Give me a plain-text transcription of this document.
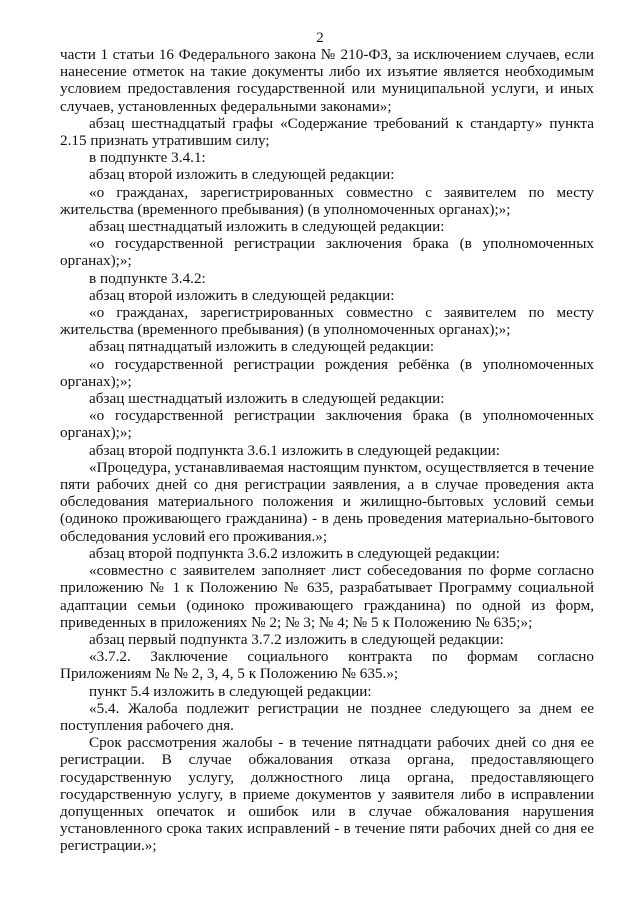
2

части 1 статьи 16 Федерального закона № 210-ФЗ, за исключением случаев, если нанесение отметок на такие документы либо их изъятие является необходимым условием предоставления государственной или муниципальной услуги, и иных случаев, установленных федеральными законами»;

абзац шестнадцатый графы «Содержание требований к стандарту» пункта 2.15 признать утратившим силу;

в подпункте 3.4.1:

абзац второй изложить в следующей редакции:

«о гражданах, зарегистрированных совместно с заявителем по месту жительства (временного пребывания) (в уполномоченных органах);»;

абзац шестнадцатый изложить в следующей редакции:

«о государственной регистрации заключения брака (в уполномоченных органах);»;

в подпункте 3.4.2:

абзац второй изложить в следующей редакции:

«о гражданах, зарегистрированных совместно с заявителем по месту жительства (временного пребывания) (в уполномоченных органах);»;

абзац пятнадцатый изложить в следующей редакции:

«о государственной регистрации рождения ребёнка (в уполномоченных органах);»;

абзац шестнадцатый изложить в следующей редакции:

«о государственной регистрации заключения брака (в уполномоченных органах);»;

абзац второй подпункта 3.6.1 изложить в следующей редакции:

«Процедура, устанавливаемая настоящим пунктом, осуществляется в течение пяти рабочих дней со дня регистрации заявления, а в случае проведения акта обследования материального положения и жилищно-бытовых условий семьи (одиноко проживающего гражданина) - в день проведения материально-бытового обследования условий его проживания.»;

абзац второй подпункта 3.6.2 изложить в следующей редакции:

«совместно с заявителем заполняет лист собеседования по форме согласно приложению № 1 к Положению № 635, разрабатывает Программу социальной адаптации семьи (одиноко проживающего гражданина) по одной из форм, приведенных в приложениях № 2; № 3; № 4; № 5 к Положению № 635;»;

абзац первый подпункта 3.7.2 изложить в следующей редакции:

«3.7.2. Заключение социального контракта по формам согласно Приложениям № № 2, 3, 4, 5 к Положению № 635.»;

пункт 5.4 изложить в следующей редакции:

«5.4. Жалоба подлежит регистрации не позднее следующего за днем ее поступления рабочего дня.

Срок рассмотрения жалобы - в течение пятнадцати рабочих дней со дня ее регистрации. В случае обжалования отказа органа, предоставляющего государственную услугу, должностного лица органа, предоставляющего государственную услугу, в приеме документов у заявителя либо в исправлении допущенных опечаток и ошибок или в случае обжалования нарушения установленного срока таких исправлений - в течение пяти рабочих дней со дня ее регистрации.»;
